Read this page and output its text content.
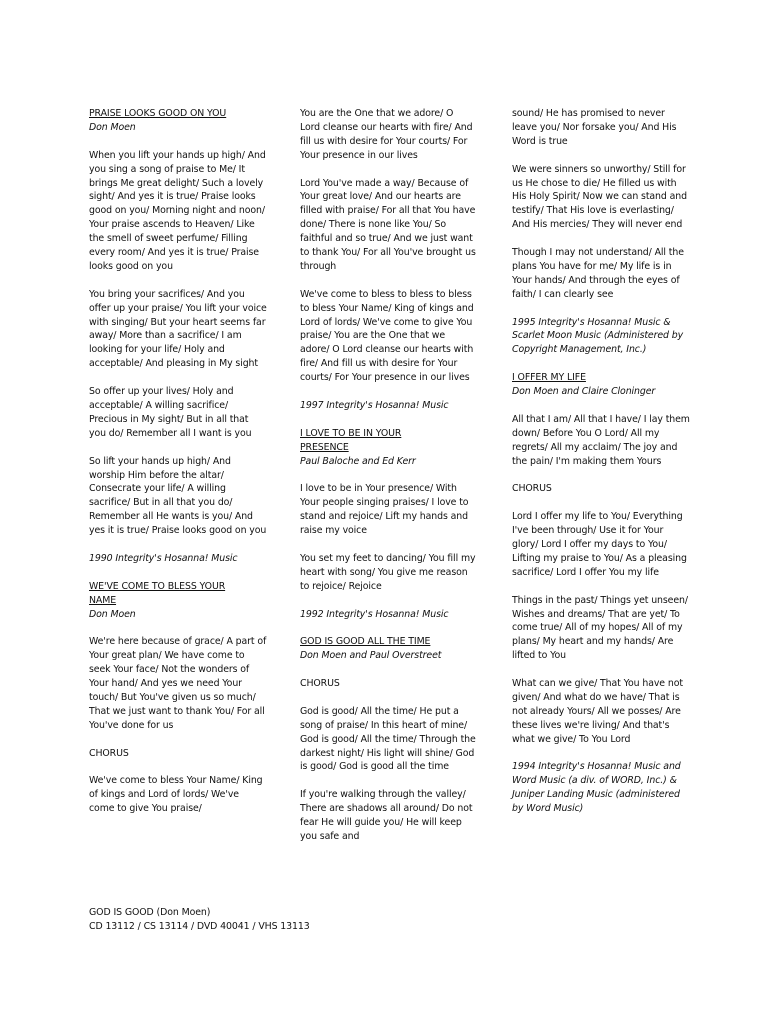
PRAISE LOOKS GOOD ON YOU

Don Moen

When you lift your hands up high/ And you sing a song of praise to Me/ It brings Me great delight/ Such a lovely sight/ And yes it is true/ Praise looks good on you/ Morning night and noon/ Your praise ascends to Heaven/ Like the smell of sweet perfume/ Filling every room/ And yes it is true/ Praise looks good on you

You bring your sacrifices/ And you offer up your praise/ You lift your voice with singing/ But your heart seems far away/ More than a sacrifice/ I am looking for your life/ Holy and acceptable/ And pleasing in My sight

So offer up your lives/ Holy and acceptable/ A willing sacrifice/ Precious in My sight/ But in all that you do/ Remember all I want is you

So lift your hands up high/ And worship Him before the altar/ Consecrate your life/ A willing sacrifice/ But in all that you do/ Remember all He wants is you/ And yes it is true/ Praise looks good on you

1990 Integrity's Hosanna! Music

WE'VE COME TO BLESS YOUR NAME

Don Moen

We're here because of grace/ A part of Your great plan/ We have come to seek Your face/ Not the wonders of Your hand/ And yes we need Your touch/ But You've given us so much/ That we just want to thank You/ For all You've done for us

CHORUS

We've come to bless Your Name/ King of kings and Lord of lords/ We've come to give You praise/

You are the One that we adore/ O Lord cleanse our hearts with fire/ And fill us with desire for Your courts/ For Your presence in our lives

Lord You've made a way/ Because of Your great love/ And our hearts are filled with praise/ For all that You have done/ There is none like You/ So faithful and so true/ And we just want to thank You/ For all You've brought us through

We've come to bless to bless to bless to bless Your Name/ King of kings and Lord of lords/ We've come to give You praise/ You are the One that we adore/ O Lord cleanse our hearts with fire/ And fill us with desire for Your courts/ For Your presence in our lives

1997 Integrity's Hosanna! Music

I LOVE TO BE IN YOUR PRESENCE

Paul Baloche and Ed Kerr

I love to be in Your presence/ With Your people singing praises/ I love to stand and rejoice/ Lift my hands and raise my voice

You set my feet to dancing/ You fill my heart with song/ You give me reason to rejoice/ Rejoice

1992 Integrity's Hosanna! Music

GOD IS GOOD ALL THE TIME

Don Moen and Paul Overstreet

CHORUS

God is good/ All the time/ He put a song of praise/ In this heart of mine/ God is good/ All the time/ Through the darkest night/ His light will shine/ God is good/ God is good all the time

If you're walking through the valley/ There are shadows all around/ Do not fear He will guide you/ He will keep you safe and

sound/ He has promised to never leave you/ Nor forsake you/ And His Word is true

We were sinners so unworthy/ Still for us He chose to die/ He filled us with His Holy Spirit/ Now we can stand and testify/ That His love is everlasting/ And His mercies/ They will never end

Though I may not understand/ All the plans You have for me/ My life is in Your hands/ And through the eyes of faith/ I can clearly see

1995 Integrity's Hosanna! Music & Scarlet Moon Music (Administered by Copyright Management, Inc.)

I OFFER MY LIFE

Don Moen and Claire Cloninger

All that I am/ All that I have/ I lay them down/ Before You O Lord/ All my regrets/ All my acclaim/ The joy and the pain/ I'm making them Yours

CHORUS

Lord I offer my life to You/ Everything I've been through/ Use it for Your glory/ Lord I offer my days to You/ Lifting my praise to You/ As a pleasing sacrifice/ Lord I offer You my life

Things in the past/ Things yet unseen/ Wishes and dreams/ That are yet/ To come true/ All of my hopes/ All of my plans/ My heart and my hands/ Are lifted to You

What can we give/ That You have not given/ And what do we have/ That is not already Yours/ All we posses/ Are these lives we're living/ And that's what we give/ To You Lord

1994 Integrity's Hosanna! Music and Word Music (a div. of WORD, Inc.) & Juniper Landing Music (administered by Word Music)

GOD IS GOOD (Don Moen)
CD 13112 / CS 13114 / DVD 40041 / VHS 13113
